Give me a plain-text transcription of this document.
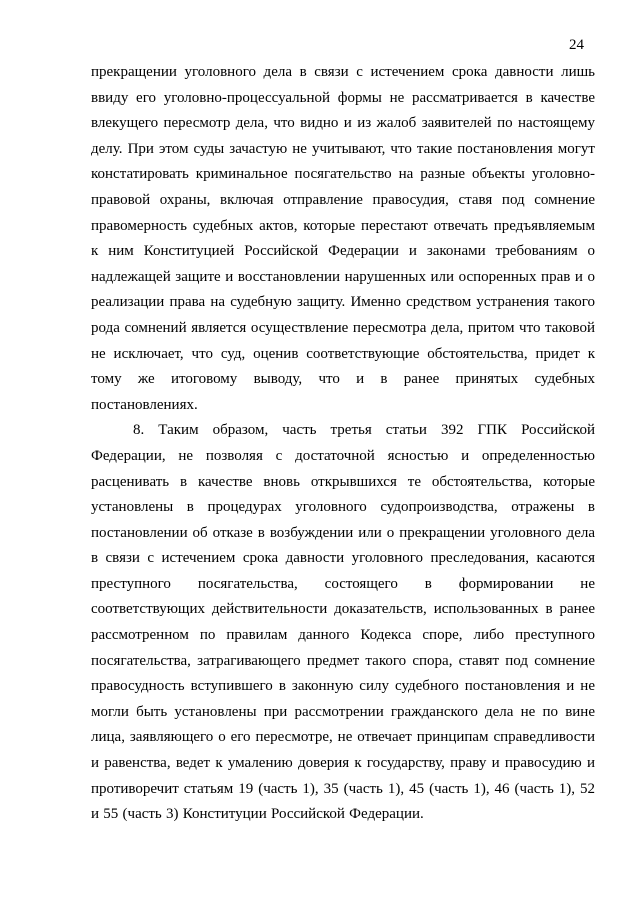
24

прекращении уголовного дела в связи с истечением срока давности лишь ввиду его уголовно-процессуальной формы не рассматривается в качестве влекущего пересмотр дела, что видно и из жалоб заявителей по настоящему делу. При этом суды зачастую не учитывают, что такие постановления могут констатировать криминальное посягательство на разные объекты уголовно-правовой охраны, включая отправление правосудия, ставя под сомнение правомерность судебных актов, которые перестают отвечать предъявляемым к ним Конституцией Российской Федерации и законами требованиям о надлежащей защите и восстановлении нарушенных или оспоренных прав и о реализации права на судебную защиту. Именно средством устранения такого рода сомнений является осуществление пересмотра дела, притом что таковой не исключает, что суд, оценив соответствующие обстоятельства, придет к тому же итоговому выводу, что и в ранее принятых судебных постановлениях.

8. Таким образом, часть третья статьи 392 ГПК Российской Федерации, не позволяя с достаточной ясностью и определенностью расценивать в качестве вновь открывшихся те обстоятельства, которые установлены в процедурах уголовного судопроизводства, отражены в постановлении об отказе в возбуждении или о прекращении уголовного дела в связи с истечением срока давности уголовного преследования, касаются преступного посягательства, состоящего в формировании не соответствующих действительности доказательств, использованных в ранее рассмотренном по правилам данного Кодекса споре, либо преступного посягательства, затрагивающего предмет такого спора, ставят под сомнение правосудность вступившего в законную силу судебного постановления и не могли быть установлены при рассмотрении гражданского дела не по вине лица, заявляющего о его пересмотре, не отвечает принципам справедливости и равенства, ведет к умалению доверия к государству, праву и правосудию и противоречит статьям 19 (часть 1), 35 (часть 1), 45 (часть 1), 46 (часть 1), 52 и 55 (часть 3) Конституции Российской Федерации.
